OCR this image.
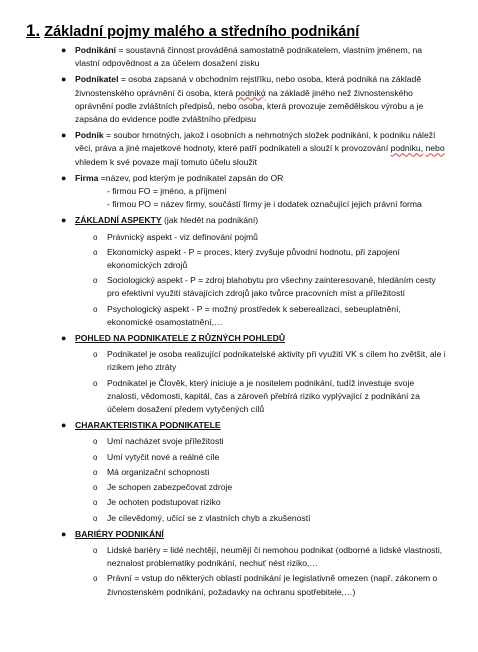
1. Základní pojmy malého a středního podnikání
● Podnikání = soustavná činnost prováděná samostatně podnikatelem, vlastním jménem, na vlastní odpovědnost a za účelem dosažení zisku
● Podnikatel = osoba zapsaná v obchodním rejstříku, nebo osoba, která podniká na základě živnostenského oprávnění či osoba, která podnikᾴ na základě jiného než živnostenského oprávnění podle zvláštních předpisů, nebo osoba, která provozuje zemědělskou výrobu a je zapsána do evidence podle zvláštního předpisu
● Podnik = soubor hmotných, jakož i osobních a nehmotných složek podnikání, k podniku náleží věci, práva a jiné majetkové hodnoty, které patří podnikateli a slouží k provozování podniku, nebo vhledem k své povaze mají tomuto účelu sloužit
● Firma =název, pod kterým je podnikatel zapsán do OR
- firmou FO = jméno, a příjmení
- firmou PO = název firmy, součástí firmy je i dodatek označující jejich právní forma
● ZÁKLADNÍ ASPEKTY (jak hledět na podnikání)
o Právnický aspekt - viz definování pojmů
o Ekonomický aspekt - P = proces, který zvyšuje původní hodnotu, při zapojení ekonomických zdrojů
o Sociologický aspekt - P = zdroj blahobytu pro všechny zainteresované, hledáním cesty pro efektivní využití stávajících zdrojů jako tvůrce pracovních míst a příležitostí
o Psychologický aspekt - P = možný prostředek k seberealizaci, sebeuplatnění, ekonomické osamostatnění,…
● POHLED NA PODNIKATELE Z RŮZNÝCH POHLEDŮ
o Podnikatel je osoba realizující podnikatelské aktivity při využití VK s cílem ho zvětšit, ale i rizikem jeho ztráty
o Podnikatel je Člověk, který iniciuje a je nositelem podnikání, tudíž investuje svoje znalosti, vědomosti, kapitál, čas a zároveň přebírá riziko vyplývající z podnikání za účelem dosažení předem vytyčených cílů
● CHARAKTERISTIKA PODNIKATELE
o Umí nacházet svoje příležitosti
o Umí vytyčit nové a reálné cíle
o Má organizační schopnosti
o Je schopen zabezpečovat zdroje
o Je ochoten podstupovat riziko
o Je cílevědomý, učící se z vlastních chyb a zkušeností
● BARIÉRY PODNIKÁNÍ
o Lidské bariéry = lidé nechtějí, neumějí či nemohou podnikat (odborné a lidské vlastnosti, neznalost problematiky podnikání, nechuť nést riziko,…
o Právní = vstup do některých oblastí podnikání je legislativně omezen (např. zákonem o živnostenském podnikání, požadavky na ochranu spotřebitele,…)
